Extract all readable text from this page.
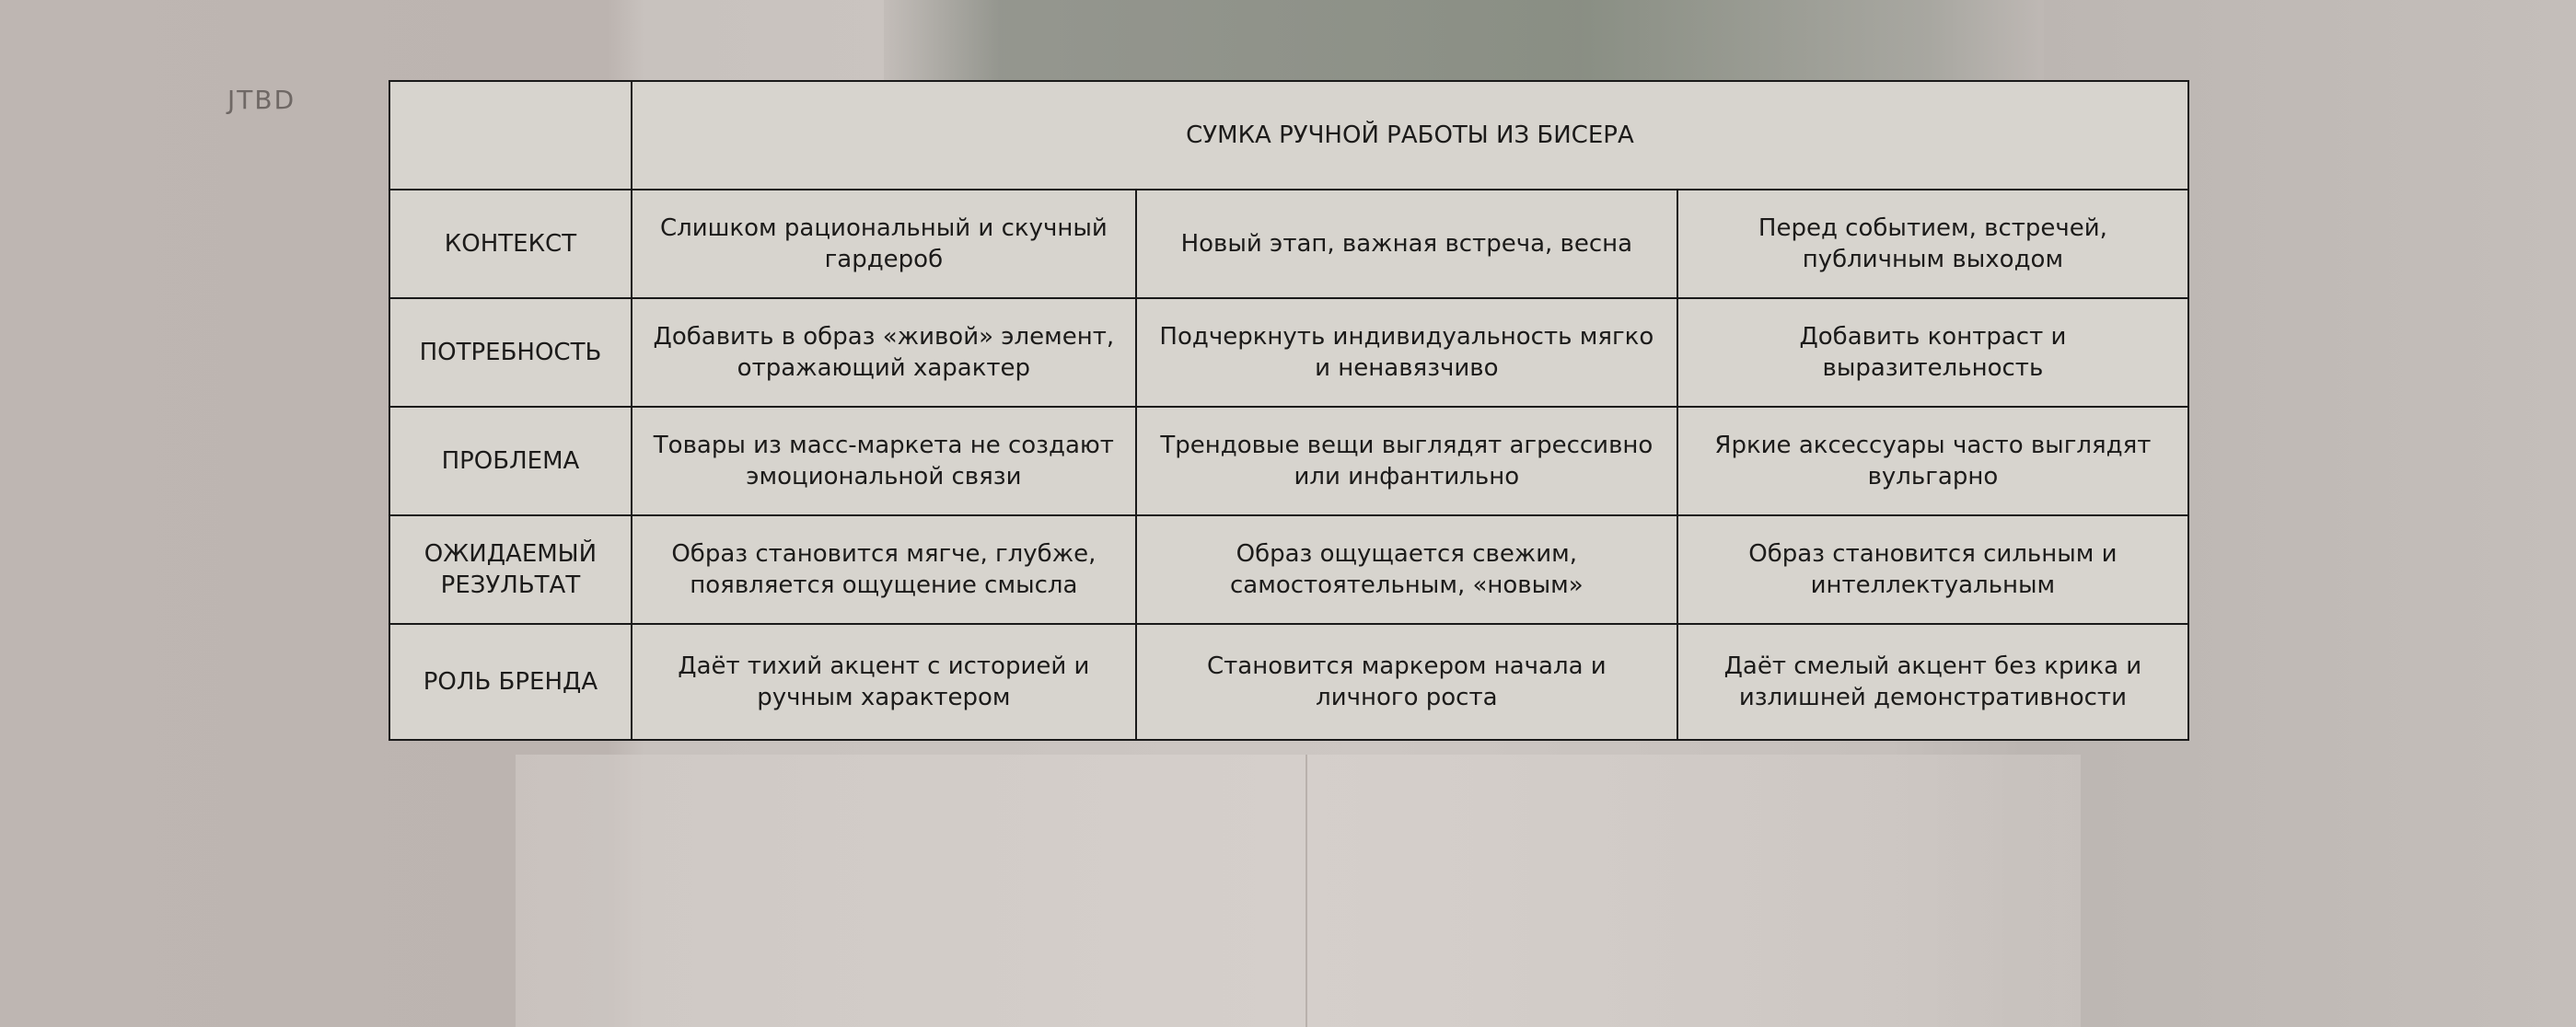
JTBD
	СУМКА РУЧНОЙ РАБОТЫ ИЗ БИСЕРА		
КОНТЕКСТ	Слишком рациональный и скучный гардероб	Новый этап, важная встреча, весна	Перед событием, встречей, публичным выходом
ПОТРЕБНОСТЬ	Добавить в образ «живой» элемент, отражающий характер	Подчеркнуть индивидуальность мягко и ненавязчиво	Добавить контраст и выразительность
ПРОБЛЕМА	Товары из масс-маркета не создают эмоциональной связи	Трендовые вещи выглядят агрессивно или инфантильно	Яркие аксессуары часто выглядят вульгарно
ОЖИДАЕМЫЙ РЕЗУЛЬТАТ	Образ становится мягче, глубже, появляется ощущение смысла	Образ ощущается свежим, самостоятельным, «новым»	Образ становится сильным и интеллектуальным
РОЛЬ БРЕНДА	Даёт тихий акцент с историей и ручным характером	Становится маркером начала и личного роста	Даёт смелый акцент без крика и излишней демонстративности
